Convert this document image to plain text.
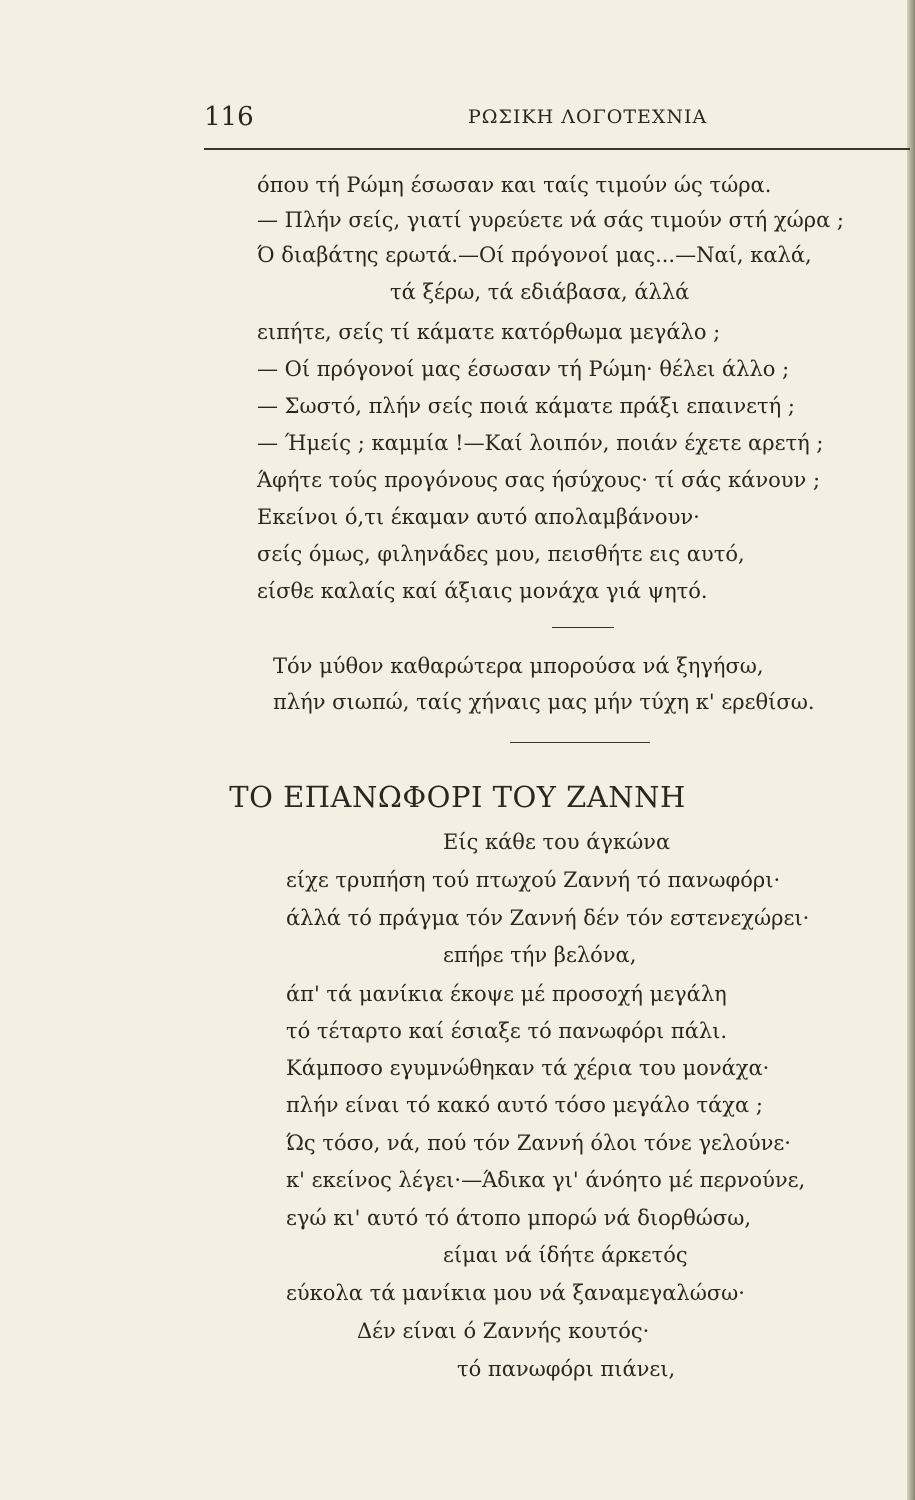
116	ΡΩΣΙΚΗ ΛΟΓΟΤΕΧΝΙΑ
όπου τή Ρώμη έσωσαν και ταίς τιμούν ώς τώρα.
— Πλήν σείς, γιατί γυρεύετε νά σάς τιμούν στή χώρα ;
Ό διαβάτης ερωτά.—Οί πρόγονοί μας...—Ναί, καλά,
τά ξέρω, τά εδιάβασα, άλλά
ειπήτε, σείς τί κάματε κατόρθωμα μεγάλο ;
— Οί πρόγονοί μας έσωσαν τή Ρώμη· θέλει άλλο ;
— Σωστό, πλήν σείς ποιά κάματε πράξι επαινετή ;
— Ήμείς ; καμμία !—Καί λοιπόν, ποιάν έχετε αρετή ;
Άφήτε τούς προγόνους σας ήσύχους· τί σάς κάνουν ;
Εκείνοι ό,τι έκαμαν αυτό απολαμβάνουν·
σείς όμως, φιληνάδες μου, πεισθήτε εις αυτό,
είσθε καλαίς καί άξιαις μονάχα γιά ψητό.
Τόν μύθον καθαρώτερα μπορούσα νά ξηγήσω,
πλήν σιωπώ, ταίς χήναις μας μήν τύχη κ' ερεθίσω.
ΤΟ ΕΠΑΝΩΦΟΡΙ ΤΟΥ ΖΑΝΝΗ
Είς κάθε του άγκώνα
είχε τρυπήση τού πτωχού Ζαννή τό πανωφόρι·
άλλά τό πράγμα τόν Ζαννή δέν τόν εστενεχώρει·
επήρε τήν βελόνα,
άπ' τά μανίκια έκοψε μέ προσοχή μεγάλη
τό τέταρτο καί έσιαξε τό πανωφόρι πάλι.
Κάμποσο εγυμνώθηκαν τά χέρια του μονάχα·
πλήν είναι τό κακό αυτό τόσο μεγάλο τάχα ;
Ώς τόσο, νά, πού τόν Ζαννή όλοι τόνε γελούνε·
κ' εκείνος λέγει·—Άδικα γι' άνόητο μέ περνούνε,
εγώ κι' αυτό τό άτοπο μπορώ νά διορθώσω,
είμαι νά ίδήτε άρκετός
εύκολα τά μανίκια μου νά ξαναμεγαλώσω·
Δέν είναι ό Ζαννής κουτός·
τό πανωφόρι πιάνει,
